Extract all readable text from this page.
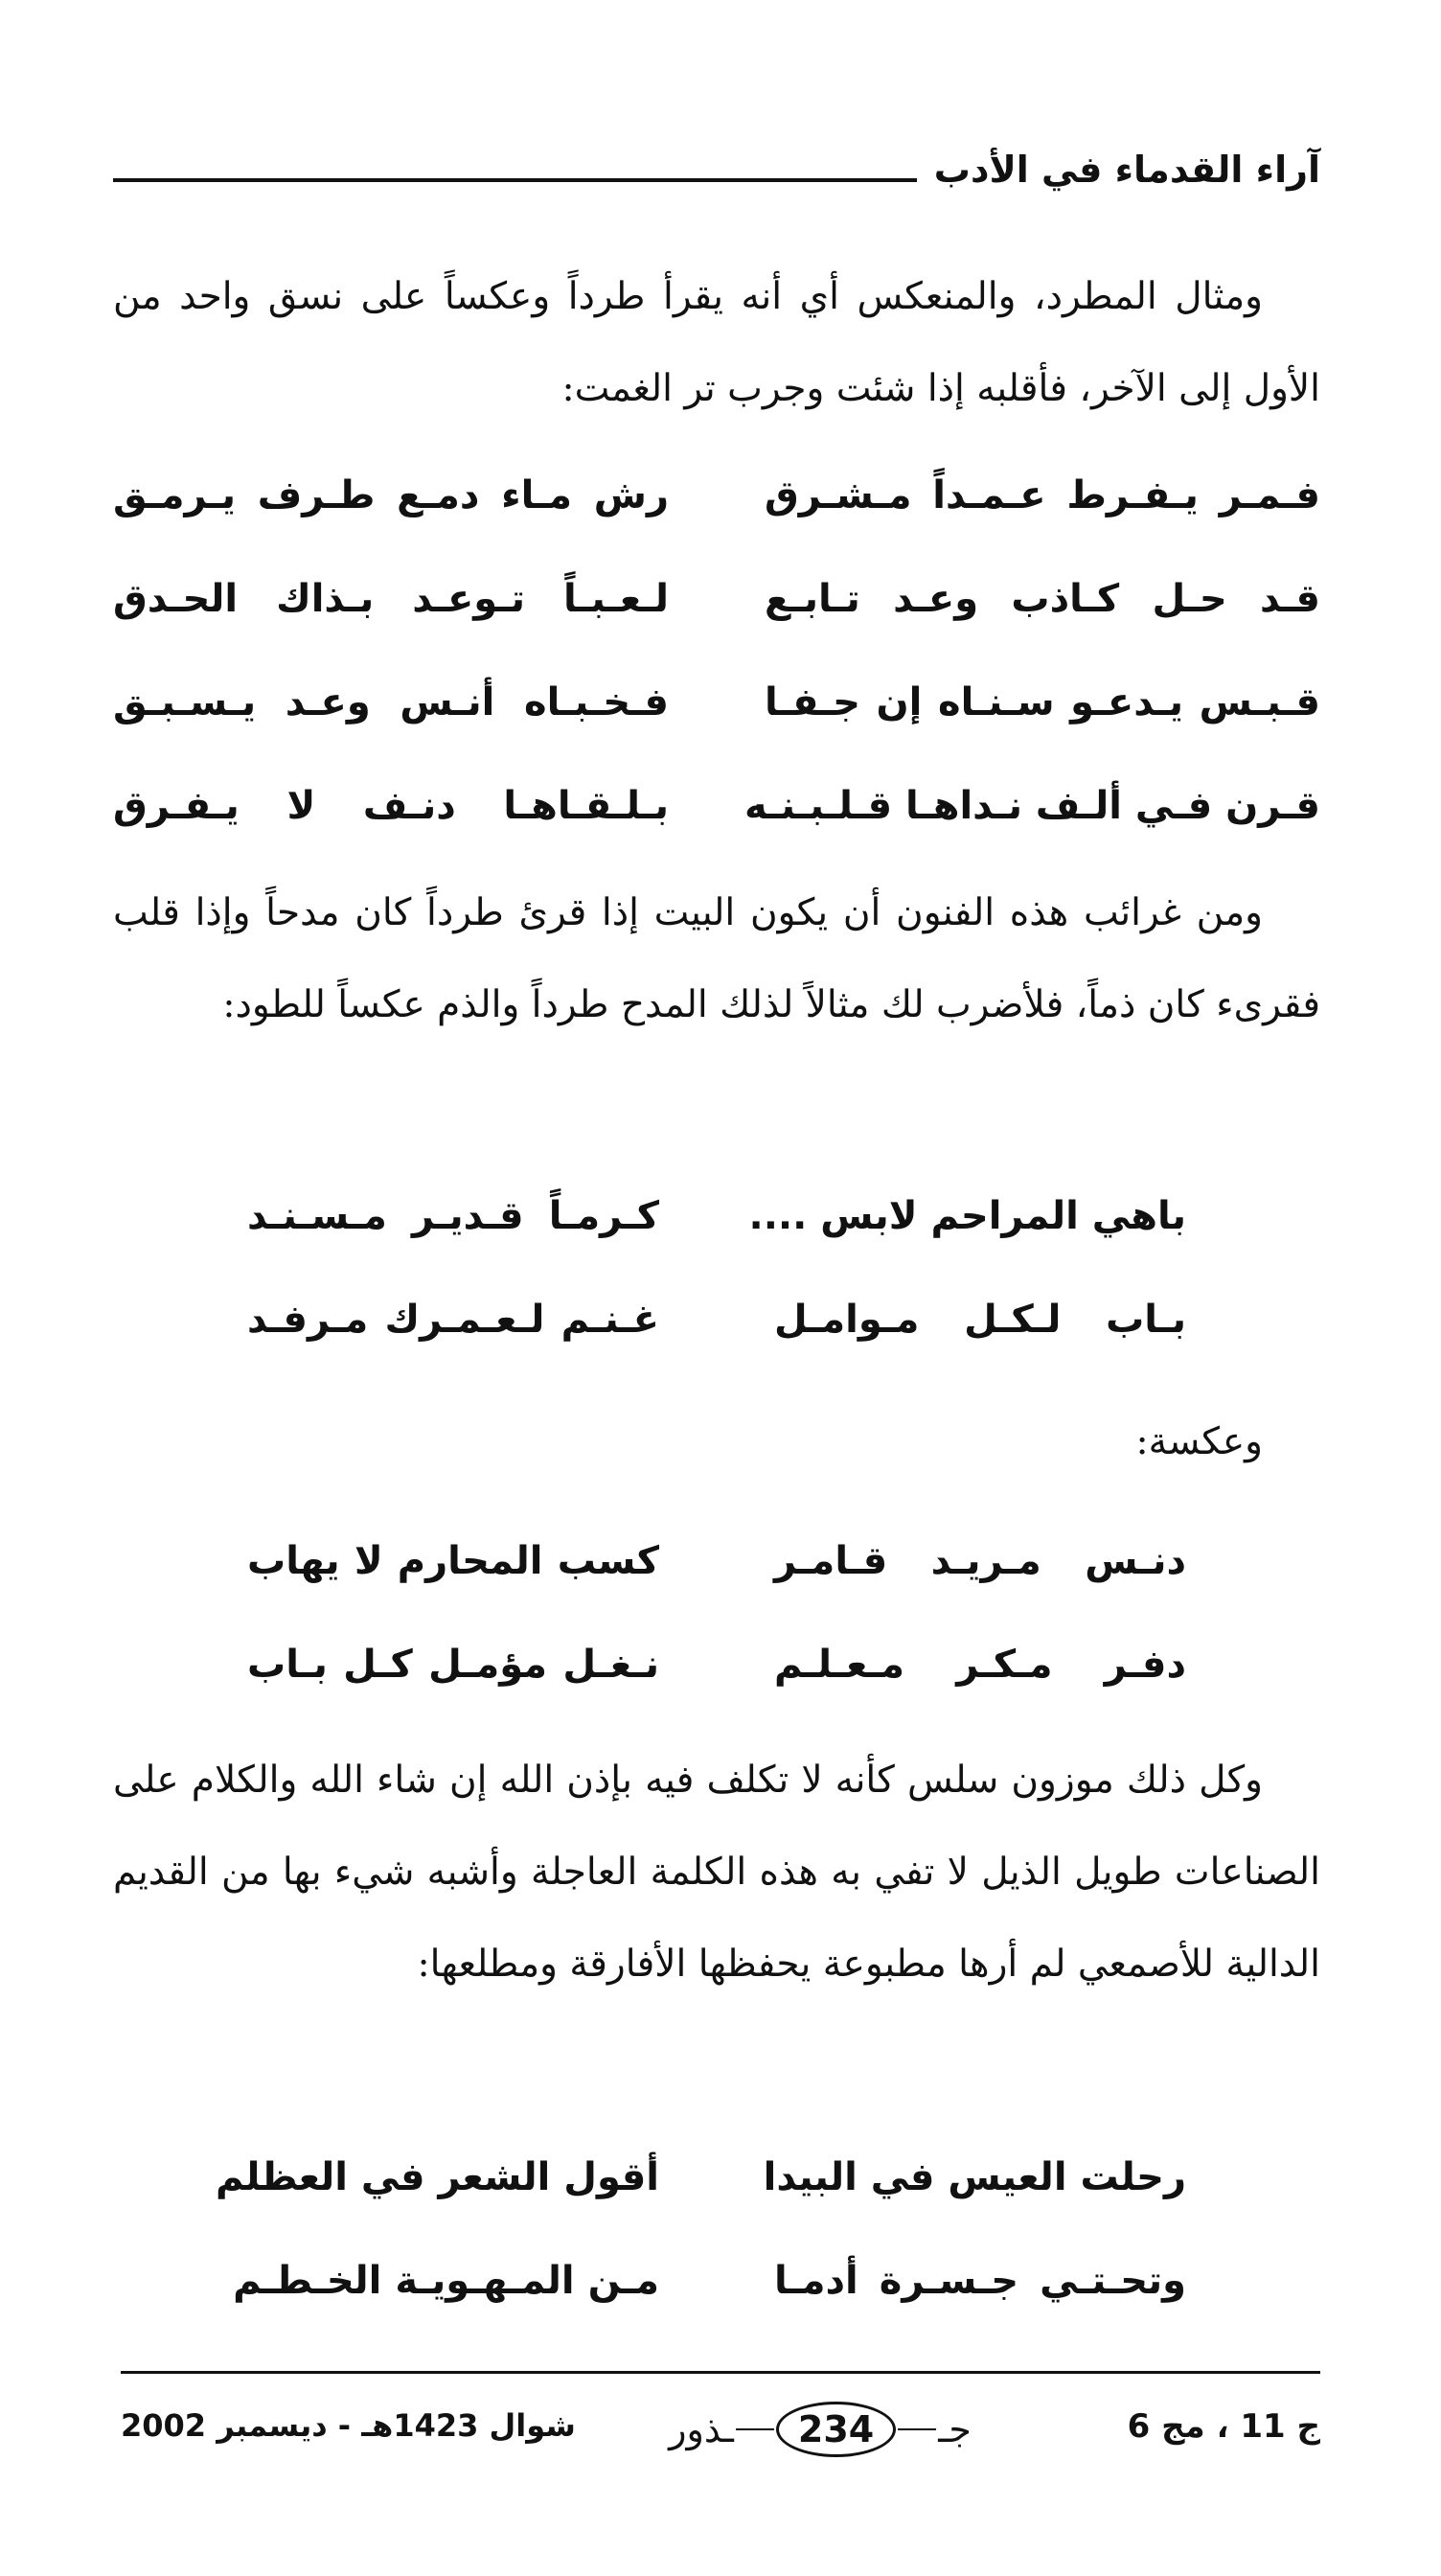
آراء القدماء في الأدب
ومثال المطرد، والمنعكس أي أنه يقرأ طرداً وعكساً على نسق واحد من الأول إلى الآخر، فأقلبه إذا شئت وجرب تر الغمت:
فـمـر يـفـرط عـمـداً مـشـرق
رش مـاء دمـع طـرف يـرمـق
قـد حـل كـاذب وعـد تـابـع
لـعـبـاً تـوعـد بـذاك الحـدق
قـبـس يـدعـو سـنـاه إن جـفـا
فـخـبـاه أنـس وعـد يـسـبـق
قـرن فـي ألـف نـداهـا قـلـبـنـه
بـلـقـاهـا دنـف لا يـفـرق
ومن غرائب هذه الفنون أن يكون البيت إذا قرئ طرداً كان مدحاً وإذا قلب فقرىء كان ذماً، فلأضرب لك مثالاً لذلك المدح طرداً والذم عكساً للطود:
باهي المراحم لابس ....
كـرمـاً قـديـر مـسـنـد
بـاب لـكـل مـوامـل
غـنـم لـعـمـرك مـرفـد
وعكسة:
دنـس مـريـد قـامـر
كسب المحارم لا يهاب
دفـر مـكـر مـعـلـم
نـغـل مؤمـل كـل بـاب
وكل ذلك موزون سلس كأنه لا تكلف فيه بإذن الله إن شاء الله والكلام على الصناعات طويل الذيل لا تفي به هذه الكلمة العاجلة وأشبه شيء بها من القديم الدالية للأصمعي لم أرها مطبوعة يحفظها الأفارقة ومطلعها:
رحلت العيس في البيدا
أقول الشعر في العظلم
وتحـتـي جـسـرة أدمـا
مـن المـهـويـة الخـطـم
ج 11 ، مج 6
جـ
234
ـذور
شوال 1423هـ - ديسمبر 2002
